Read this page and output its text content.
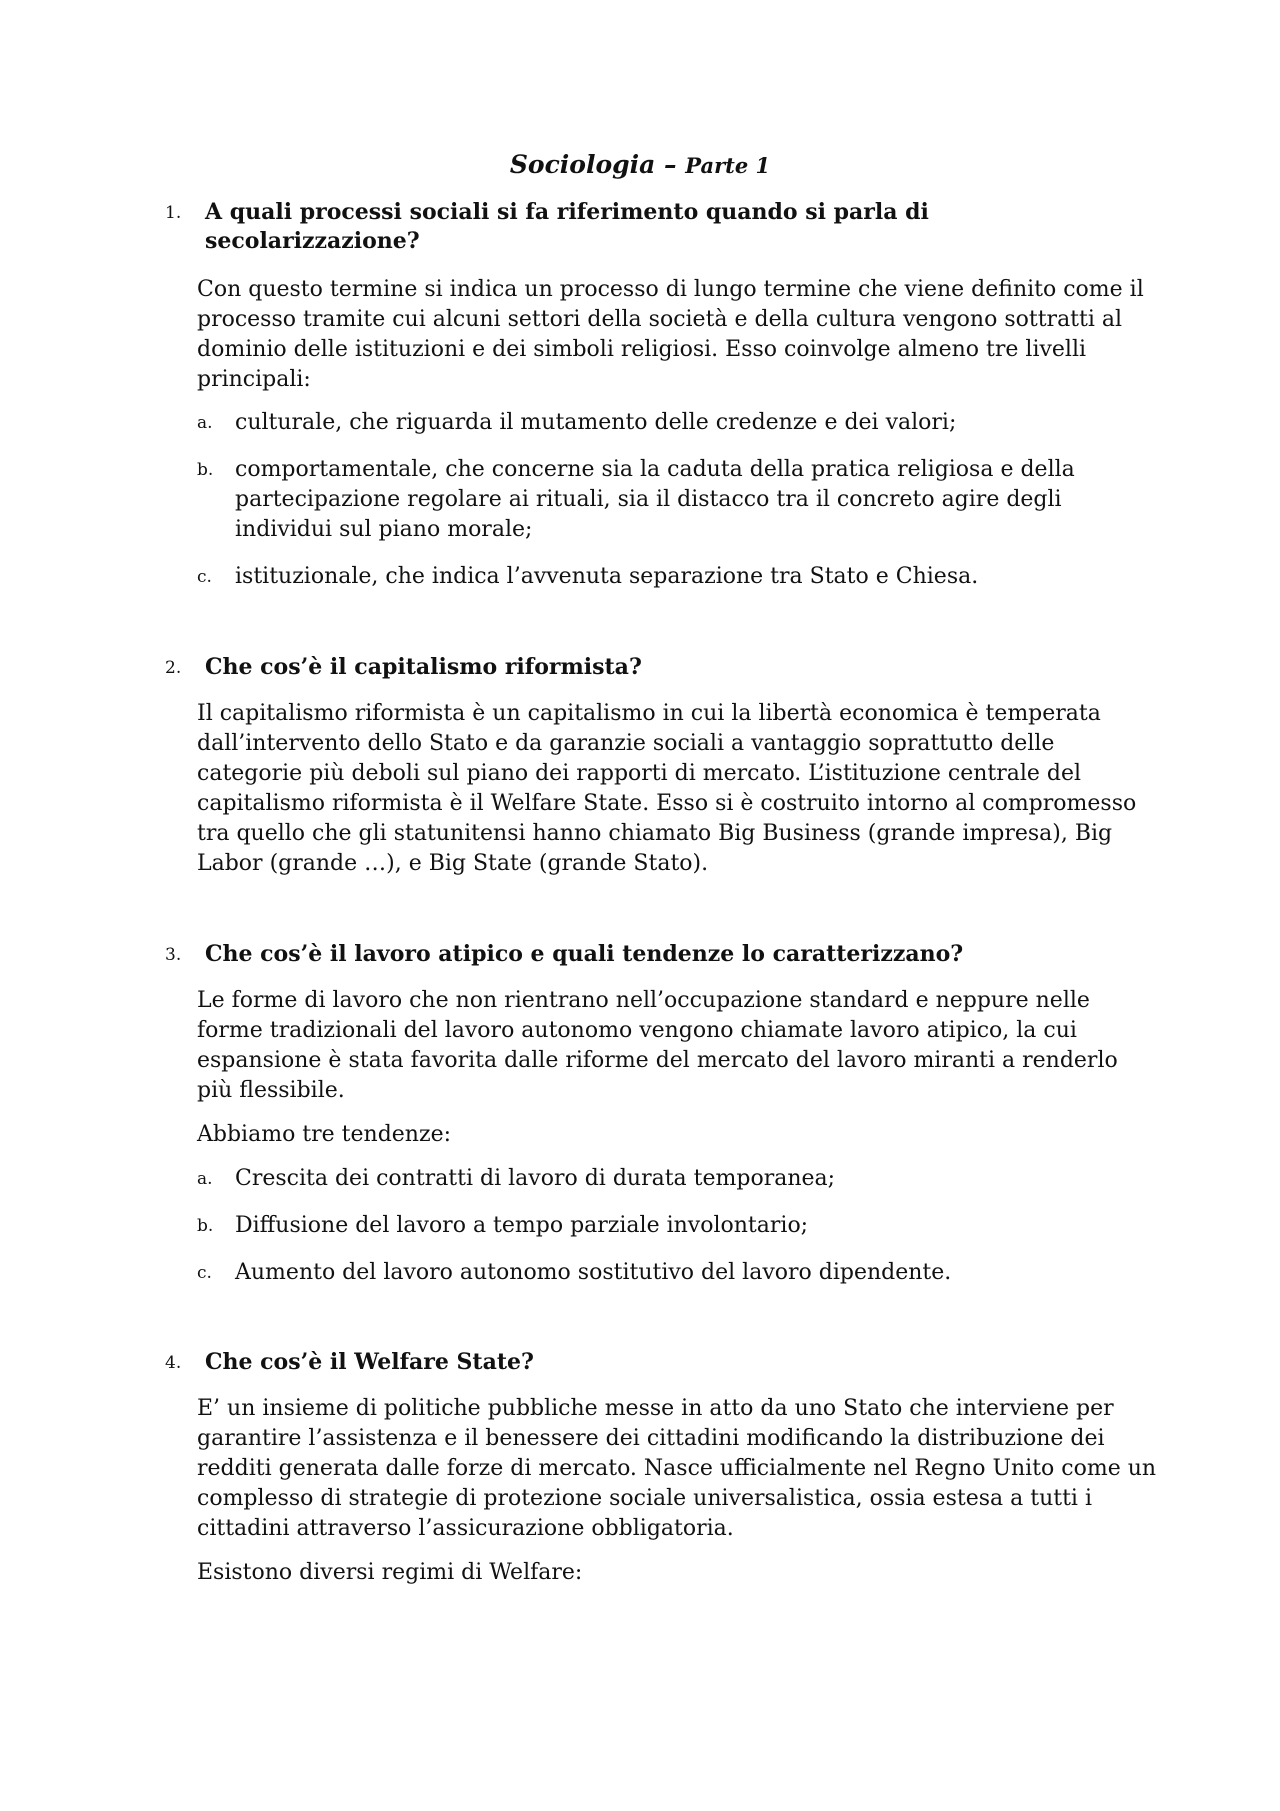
Sociologia – Parte 1
1. A quali processi sociali si fa riferimento quando si parla di secolarizzazione?

Con questo termine si indica un processo di lungo termine che viene definito come il processo tramite cui alcuni settori della società e della cultura vengono sottratti al dominio delle istituzioni e dei simboli religiosi. Esso coinvolge almeno tre livelli principali:

a. culturale, che riguarda il mutamento delle credenze e dei valori;
b. comportamentale, che concerne sia la caduta della pratica religiosa e della partecipazione regolare ai rituali, sia il distacco tra il concreto agire degli individui sul piano morale;
c. istituzionale, che indica l’avvenuta separazione tra Stato e Chiesa.
2. Che cos’è il capitalismo riformista?

Il capitalismo riformista è un capitalismo in cui la libertà economica è temperata dall’intervento dello Stato e da garanzie sociali a vantaggio soprattutto delle categorie più deboli sul piano dei rapporti di mercato. L’istituzione centrale del capitalismo riformista è il Welfare State. Esso si è costruito intorno al compromesso tra quello che gli statunitensi hanno chiamato Big Business (grande impresa), Big Labor (grande …), e Big State (grande Stato).

3. Che cos’è il lavoro atipico e quali tendenze lo caratterizzano?

Le forme di lavoro che non rientrano nell’occupazione standard e neppure nelle forme tradizionali del lavoro autonomo vengono chiamate lavoro atipico, la cui espansione è stata favorita dalle riforme del mercato del lavoro miranti a renderlo più flessibile.

Abbiamo tre tendenze:

a. Crescita dei contratti di lavoro di durata temporanea;
b. Diffusione del lavoro a tempo parziale involontario;
c. Aumento del lavoro autonomo sostitutivo del lavoro dipendente.
4. Che cos’è il Welfare State?

E’ un insieme di politiche pubbliche messe in atto da uno Stato che interviene per garantire l’assistenza e il benessere dei cittadini modificando la distribuzione dei redditi generata dalle forze di mercato. Nasce ufficialmente nel Regno Unito come un complesso di strategie di protezione sociale universalistica, ossia estesa a tutti i cittadini attraverso l’assicurazione obbligatoria.

Esistono diversi regimi di Welfare:
